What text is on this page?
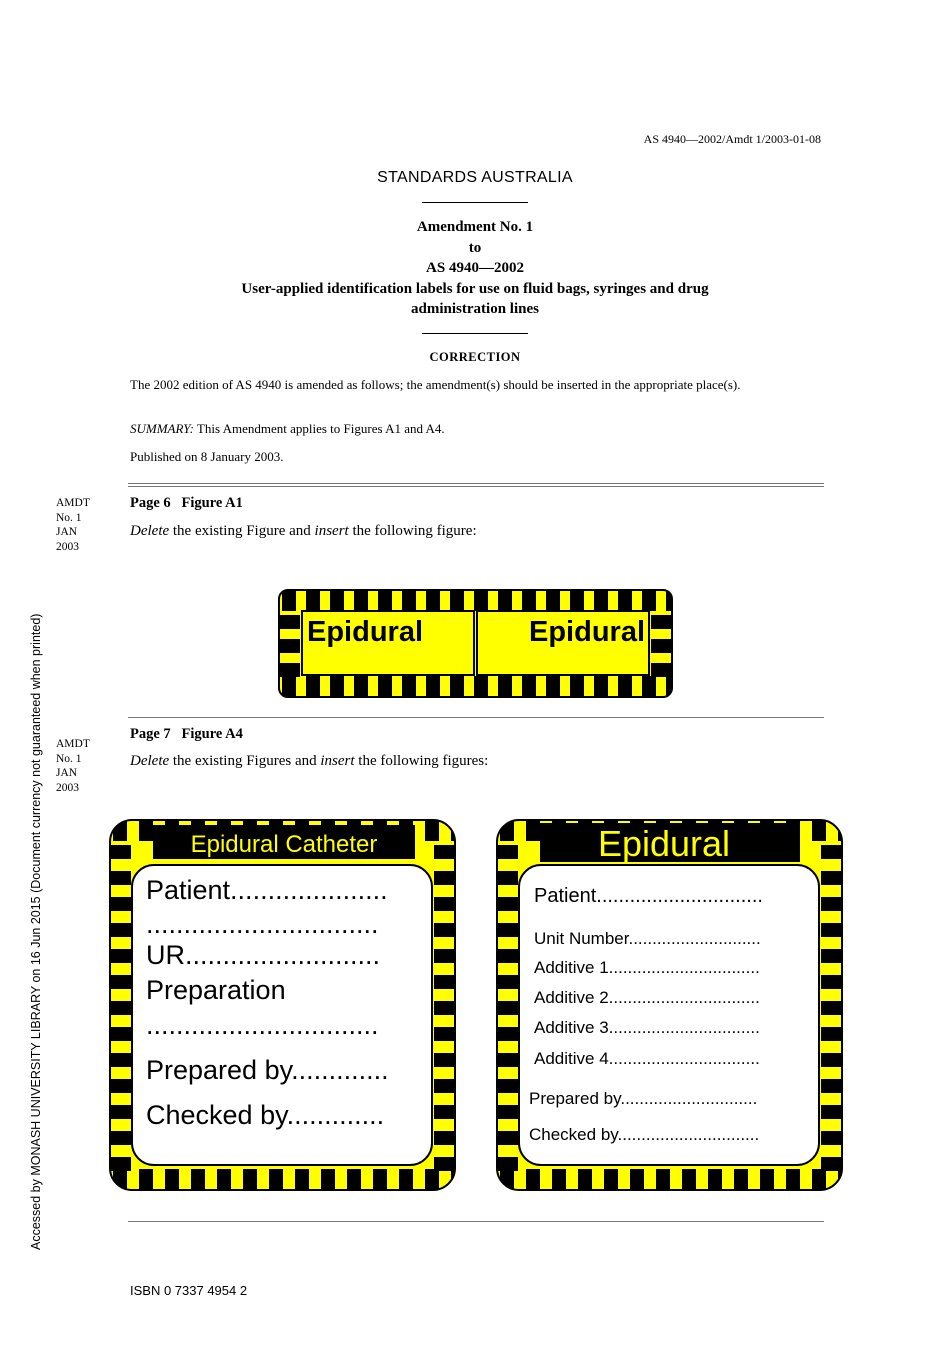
AS 4940—2002/Amdt 1/2003-01-08
STANDARDS AUSTRALIA
Amendment No. 1
to
AS 4940—2002
User-applied identification labels for use on fluid bags, syringes and drug
administration lines
CORRECTION
The 2002 edition of AS 4940 is amended as follows; the amendment(s) should be inserted in the appropriate place(s).
SUMMARY: This Amendment applies to Figures A1 and A4.
Published on 8 January 2003.
AMDT
No. 1
JAN
2003
Page 6 Figure A1
Delete the existing Figure and insert the following figure:
Epidural	Epidural
AMDT
No. 1
JAN
2003
Page 7 Figure A4
Delete the existing Figures and insert the following figures:
Epidural Catheter
Patient.....................
...............................
UR..........................
Preparation
...............................
Prepared by.............
Checked by.............
Epidural
Patient..............................
Unit Number............................
Additive 1................................
Additive 2................................
Additive 3................................
Additive 4................................
Prepared by.............................
Checked by..............................
Accessed by MONASH UNIVERSITY LIBRARY on 16 Jun 2015 (Document currency not guaranteed when printed)
ISBN 0 7337 4954 2
